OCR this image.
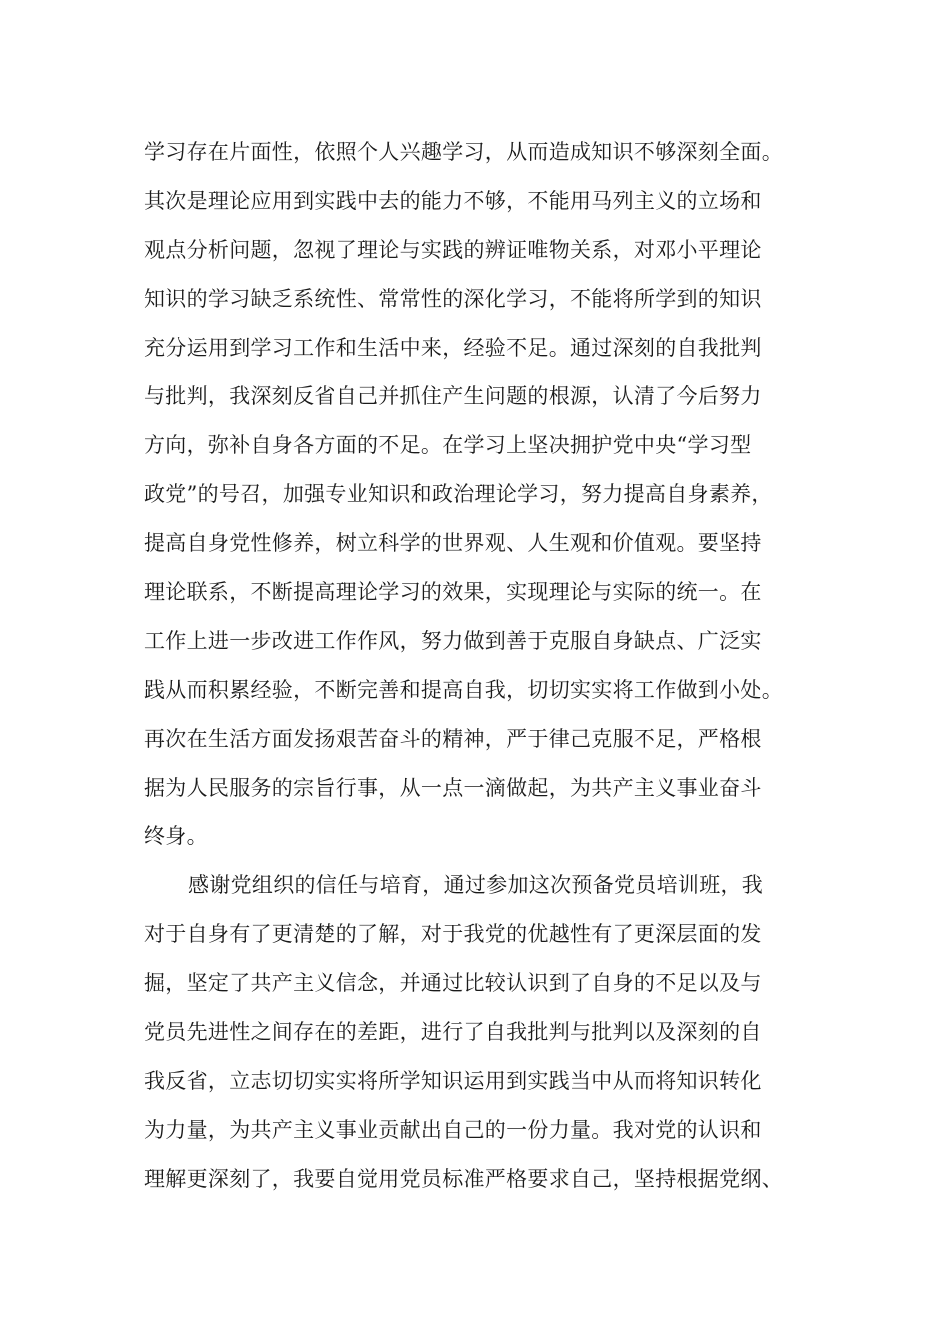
学习存在片面性，依照个人兴趣学习，从而造成知识不够深刻全面。
其次是理论应用到实践中去的能力不够，不能用马列主义的立场和
观点分析问题，忽视了理论与实践的辨证唯物关系，对邓小平理论
知识的学习缺乏系统性、常常性的深化学习，不能将所学到的知识
充分运用到学习工作和生活中来，经验不足。通过深刻的自我批判
与批判，我深刻反省自己并抓住产生问题的根源，认清了今后努力
方向，弥补自身各方面的不足。在学习上坚决拥护党中央“学习型
政党”的号召，加强专业知识和政治理论学习，努力提高自身素养，
提高自身党性修养，树立科学的世界观、人生观和价值观。要坚持
理论联系，不断提高理论学习的效果，实现理论与实际的统一。在
工作上进一步改进工作作风，努力做到善于克服自身缺点、广泛实
践从而积累经验，不断完善和提高自我，切切实实将工作做到小处。
再次在生活方面发扬艰苦奋斗的精神，严于律己克服不足，严格根
据为人民服务的宗旨行事，从一点一滴做起，为共产主义事业奋斗
终身。
感谢党组织的信任与培育，通过参加这次预备党员培训班，我
对于自身有了更清楚的了解，对于我党的优越性有了更深层面的发
掘，坚定了共产主义信念，并通过比较认识到了自身的不足以及与
党员先进性之间存在的差距，进行了自我批判与批判以及深刻的自
我反省，立志切切实实将所学知识运用到实践当中从而将知识转化
为力量，为共产主义事业贡献出自己的一份力量。我对党的认识和
理解更深刻了，我要自觉用党员标准严格要求自己，坚持根据党纲、
